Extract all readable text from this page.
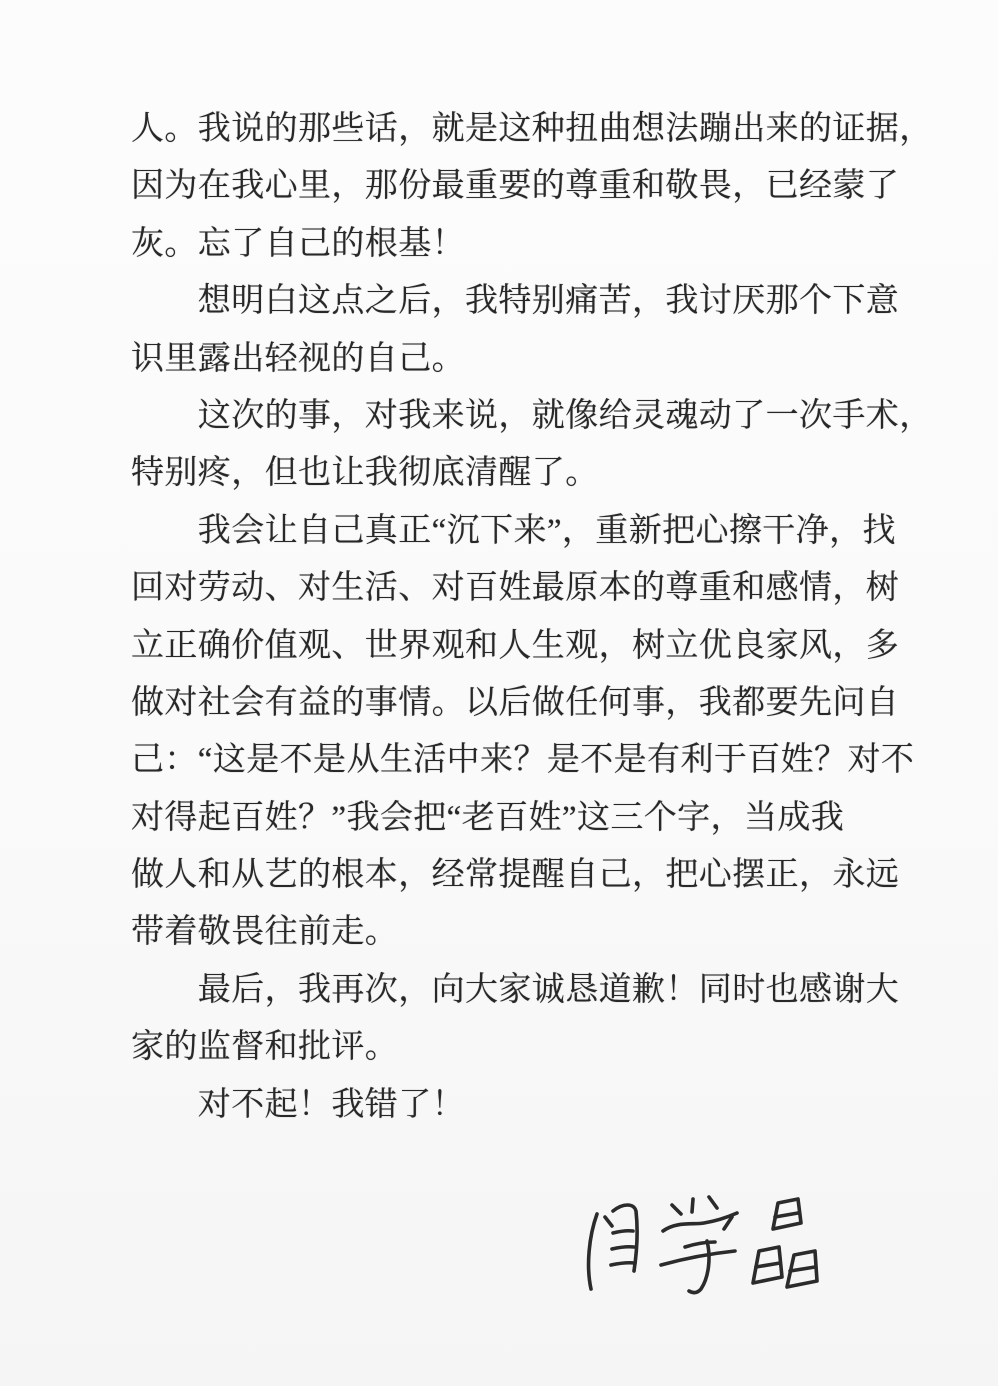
人。我说的那些话，就是这种扭曲想法蹦出来的证据，
因为在我心里，那份最重要的尊重和敬畏，已经蒙了
灰。忘了自己的根基！
　　想明白这点之后，我特别痛苦，我讨厌那个下意
识里露出轻视的自己。
　　这次的事，对我来说，就像给灵魂动了一次手术，
特别疼，但也让我彻底清醒了。
　　我会让自己真正“沉下来”，重新把心擦干净，找
回对劳动、对生活、对百姓最原本的尊重和感情，树
立正确价值观、世界观和人生观，树立优良家风，多
做对社会有益的事情。以后做任何事，我都要先问自
己：“这是不是从生活中来？是不是有利于百姓？对不
对得起百姓？”我会把“老百姓”这三个字，当成我
做人和从艺的根本，经常提醒自己，把心摆正，永远
带着敬畏往前走。
　　最后，我再次，向大家诚恳道歉！同时也感谢大
家的监督和批评。
　　对不起！我错了！
